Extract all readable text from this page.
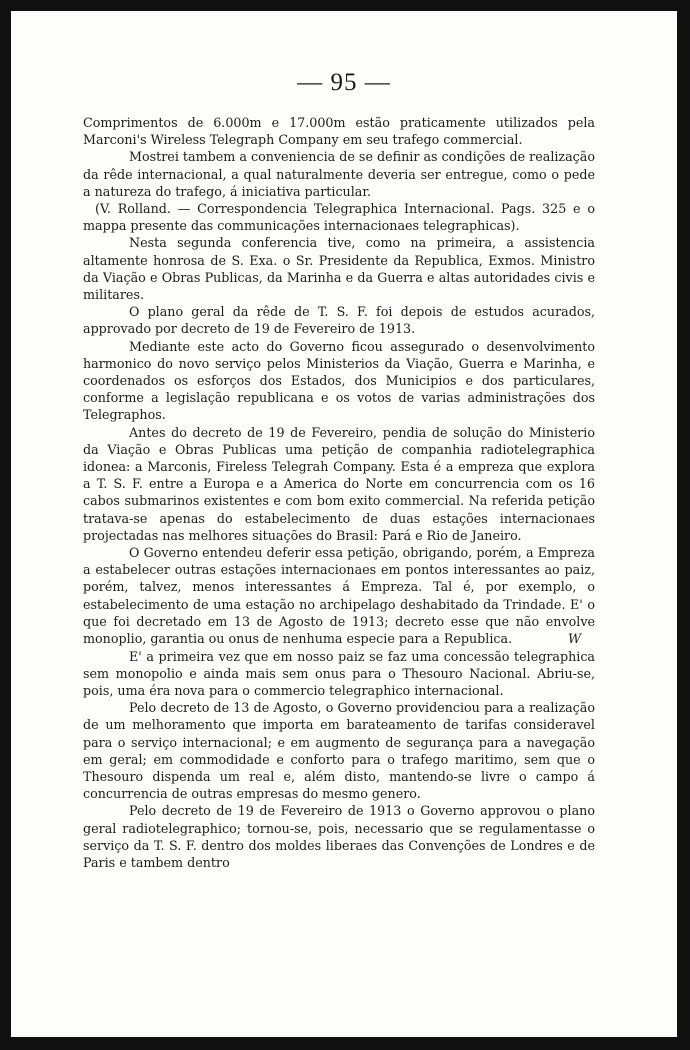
— 95 —

Comprimentos de 6.000m e 17.000m estão praticamente utilizados pela Marconi's Wireless Telegraph Company em seu trafego commercial.

Mostrei tambem a conveniencia de se definir as condições de realização da rêde internacional, a qual naturalmente deveria ser entregue, como o pede a natureza do trafego, á iniciativa particular.

(V. Rolland. — Correspondencia Telegraphica Internacional. Pags. 325 e o mappa presente das communicações internacionaes telegraphicas).

Nesta segunda conferencia tive, como na primeira, a assistencia altamente honrosa de S. Exa. o Sr. Presidente da Republica, Exmos. Ministro da Viação e Obras Publicas, da Marinha e da Guerra e altas autoridades civis e militares.

O plano geral da rêde de T. S. F. foi depois de estudos acurados, approvado por decreto de 19 de Fevereiro de 1913.

Mediante este acto do Governo ficou assegurado o desenvolvimento harmonico do novo serviço pelos Ministerios da Viação, Guerra e Marinha, e coordenados os esforços dos Estados, dos Municipios e dos particulares, conforme a legislação republicana e os votos de varias administrações dos Telegraphos.

Antes do decreto de 19 de Fevereiro, pendia de solução do Ministerio da Viação e Obras Publicas uma petição de companhia radiotelegraphica idonea: a Marconis, Fireless Telegrah Company. Esta é a empreza que explora a T. S. F. entre a Europa e a America do Norte em concurrencia com os 16 cabos submarinos existentes e com bom exito commercial. Na referida petição tratava-se apenas do estabelecimento de duas estações internacionaes projectadas nas melhores situações do Brasil: Pará e Rio de Janeiro.

O Governo entendeu deferir essa petição, obrigando, porém, a Empreza a estabelecer outras estações internacionaes em pontos interessantes ao paiz, porém, talvez, menos interessantes á Empreza. Tal é, por exemplo, o estabelecimento de uma estação no archipelago deshabitado da Trindade. E' o que foi decretado em 13 de Agosto de 1913; decreto esse que não envolve monoplio, garantia ou onus de nenhuma especie para a Republica.	W

E' a primeira vez que em nosso paiz se faz uma concessão telegraphica sem monopolio e ainda mais sem onus para o Thesouro Nacional. Abriu-se, pois, uma éra nova para o commercio telegraphico internacional.

Pelo decreto de 13 de Agosto, o Governo providenciou para a realização de um melhoramento que importa em barateamento de tarifas consideravel para o serviço internacional; e em augmento de segurança para a navegação em geral; em commodidade e conforto para o trafego maritimo, sem que o Thesouro dispenda um real e, além disto, mantendo-se livre o campo á concurrencia de outras empresas do mesmo genero.

Pelo decreto de 19 de Fevereiro de 1913 o Governo approvou o plano geral radiotelegraphico; tornou-se, pois, necessario que se regulamentasse o serviço da T. S. F. dentro dos moldes liberaes das Convenções de Londres e de Paris e tambem dentro
